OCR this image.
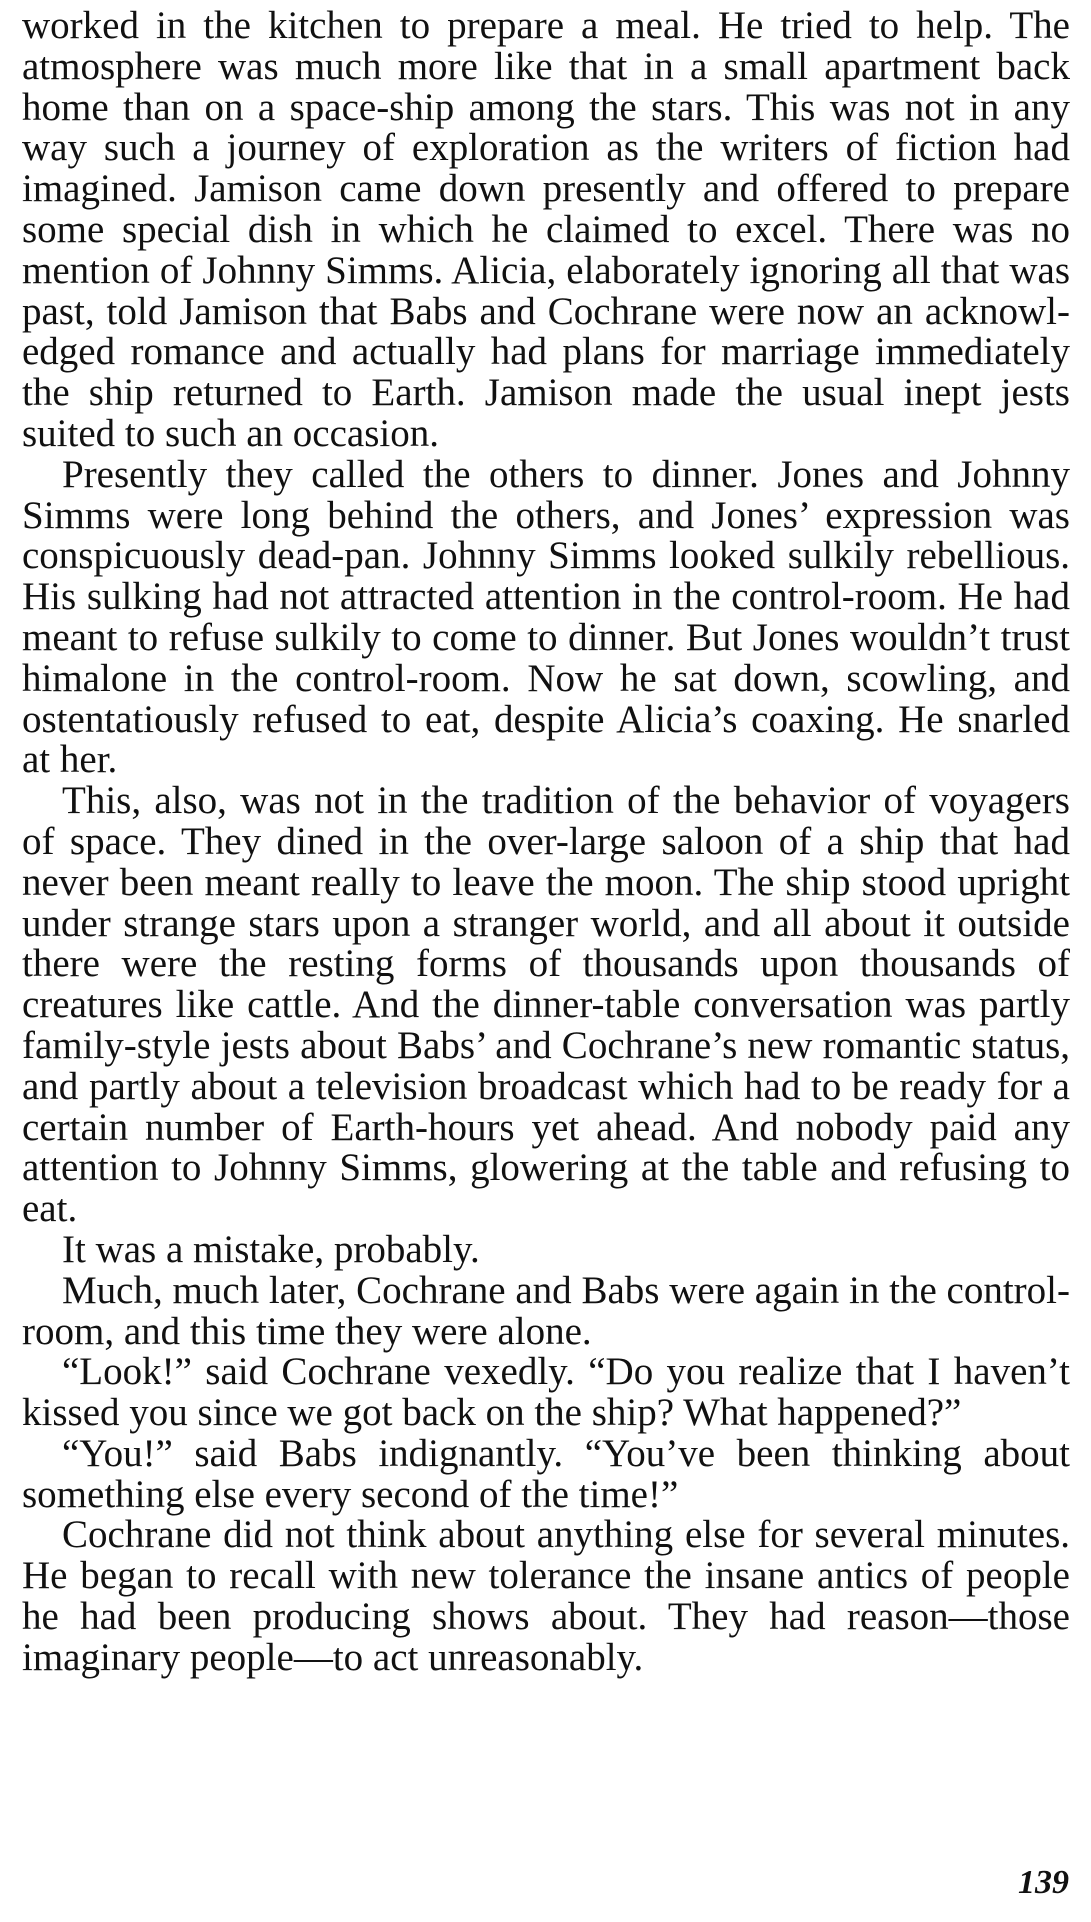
worked in the kitchen to prepare a meal. He tried to help. The atmosphere was much more like that in a small apartment back home than on a space-ship among the stars. This was not in any way such a journey of exploration as the writers of fiction had imagined. Jamison came down presently and offered to prepare some special dish in which he claimed to excel. There was no mention of Johnny Simms. Alicia, elaborately ignoring all that was past, told Jamison that Babs and Cochrane were now an acknowledged romance and actually had plans for marriage immediately the ship returned to Earth. Jamison made the usual inept jests suited to such an occasion.

Presently they called the others to dinner. Jones and Johnny Simms were long behind the others, and Jones’ expression was conspicuously dead-pan. Johnny Simms looked sulkily rebellious. His sulking had not attracted attention in the control-room. He had meant to refuse sulkily to come to dinner. But Jones wouldn’t trust himalone in the control-room. Now he sat down, scowling, and ostentatiously refused to eat, despite Alicia’s coaxing. He snarled at her.

This, also, was not in the tradition of the behavior of voyagers of space. They dined in the over-large saloon of a ship that had never been meant really to leave the moon. The ship stood upright under strange stars upon a stranger world, and all about it outside there were the resting forms of thousands upon thousands of creatures like cattle. And the dinner-table conversation was partly family-style jests about Babs’ and Cochrane’s new romantic status, and partly about a television broadcast which had to be ready for a certain number of Earth-hours yet ahead. And nobody paid any attention to Johnny Simms, glowering at the table and refusing to eat.

It was a mistake, probably.

Much, much later, Cochrane and Babs were again in the control-room, and this time they were alone.

“Look!” said Cochrane vexedly. “Do you realize that I haven’t kissed you since we got back on the ship? What happened?”

“You!” said Babs indignantly. “You’ve been thinking about something else every second of the time!”

Cochrane did not think about anything else for several minutes. He began to recall with new tolerance the insane antics of people he had been producing shows about. They had reason—those imaginary people—to act unreasonably.

139
